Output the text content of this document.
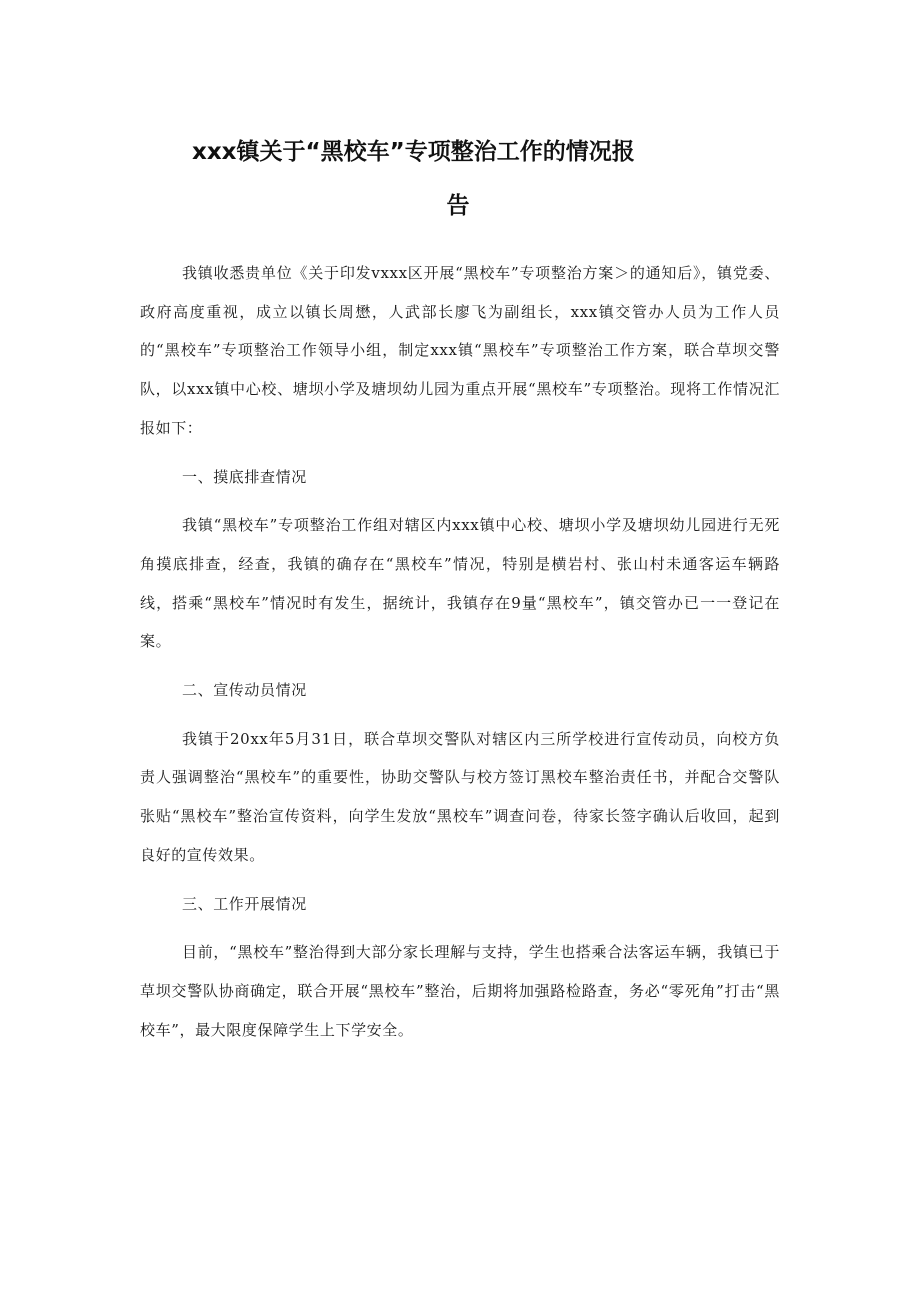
xxx镇关于“黑校车”专项整治工作的情况报
告

我镇收悉贵单位《关于印发vxxx区开展“黑校车”专项整治方案＞的通知后》，镇党委、政府高度重视，成立以镇长周懋，人武部长廖飞为副组长，xxx镇交管办人员为工作人员的“黑校车”专项整治工作领导小组，制定xxx镇“黑校车”专项整治工作方案，联合草坝交警队，以xxx镇中心校、塘坝小学及塘坝幼儿园为重点开展“黑校车”专项整治。现将工作情况汇报如下：

一、摸底排查情况

我镇“黑校车”专项整治工作组对辖区内xxx镇中心校、塘坝小学及塘坝幼儿园进行无死角摸底排查，经查，我镇的确存在“黑校车”情况，特别是横岩村、张山村未通客运车辆路线，搭乘“黑校车”情况时有发生，据统计，我镇存在9量“黑校车”，镇交管办已一一登记在案。

二、宣传动员情况

我镇于20xx年5月31日，联合草坝交警队对辖区内三所学校进行宣传动员，向校方负责人强调整治“黑校车”的重要性，协助交警队与校方签订黑校车整治责任书，并配合交警队张贴“黑校车”整治宣传资料，向学生发放“黑校车”调查问卷，待家长签字确认后收回，起到良好的宣传效果。

三、工作开展情况

目前，“黑校车”整治得到大部分家长理解与支持，学生也搭乘合法客运车辆，我镇已于草坝交警队协商确定，联合开展“黑校车”整治，后期将加强路检路查，务必“零死角”打击“黑校车”，最大限度保障学生上下学安全。
